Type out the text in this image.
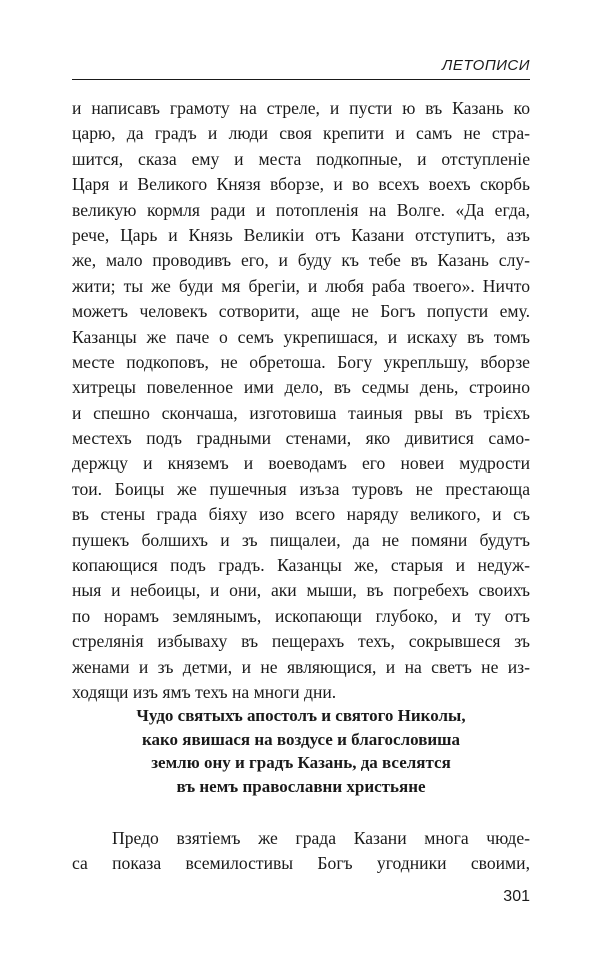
ЛЕТОПИСИ
и написавъ грамоту на стреле, и пусти ю въ Казань ко
царю, да градъ и люди своя крепити и самъ не стра-
шится, сказа ему и места подкопные, и отступленіе
Царя и Великого Князя вборзе, и во всехъ воехъ скорбь
великую кормля ради и потопленія на Волге. «Да егда,
рече, Царь и Князь Великіи отъ Казани отступитъ, азъ
же, мало проводивъ его, и буду къ тебе въ Казань слу-
жити; ты же буди мя брегіи, и любя раба твоего». Ничто
можетъ человекъ сотворити, аще не Богъ попусти ему.
Казанцы же паче о семъ укрепишася, и искаху въ томъ
месте подкоповъ, не обретоша. Богу укрепльшу, вборзе
хитрецы повеленное ими дело, въ седмы день, строино
и спешно скончаша, изготовиша таиныя рвы въ трієхъ
местехъ подъ градными стенами, яко дивитися само-
держцу и княземъ и воеводамъ его новеи мудрости
тои. Боицы же пушечныя изъза туровъ не престающа
въ стены града біяху изо всего наряду великого, и съ
пушекъ болшихъ и зъ пищалеи, да не помяни будутъ
копающися подъ градъ. Казанцы же, старыя и недуж-
ныя и небоицы, и они, аки мыши, въ погребехъ своихъ
по норамъ землянымъ, ископающи глубоко, и ту отъ
стрелянія избываху въ пещерахъ техъ, сокрывшеся зъ
женами и зъ детми, и не являющися, и на светъ не из-
ходящи изъ ямъ техъ на многи дни.
Чудо святыхъ апостолъ и святого Николы,
како явишася на воздусе и благословиша
землю ону и градъ Казань, да вселятся
въ немъ православни христьяне
Предо взятіемъ же града Казани многа чюде-
са показа всемилостивы Богъ угодники своими,
301
